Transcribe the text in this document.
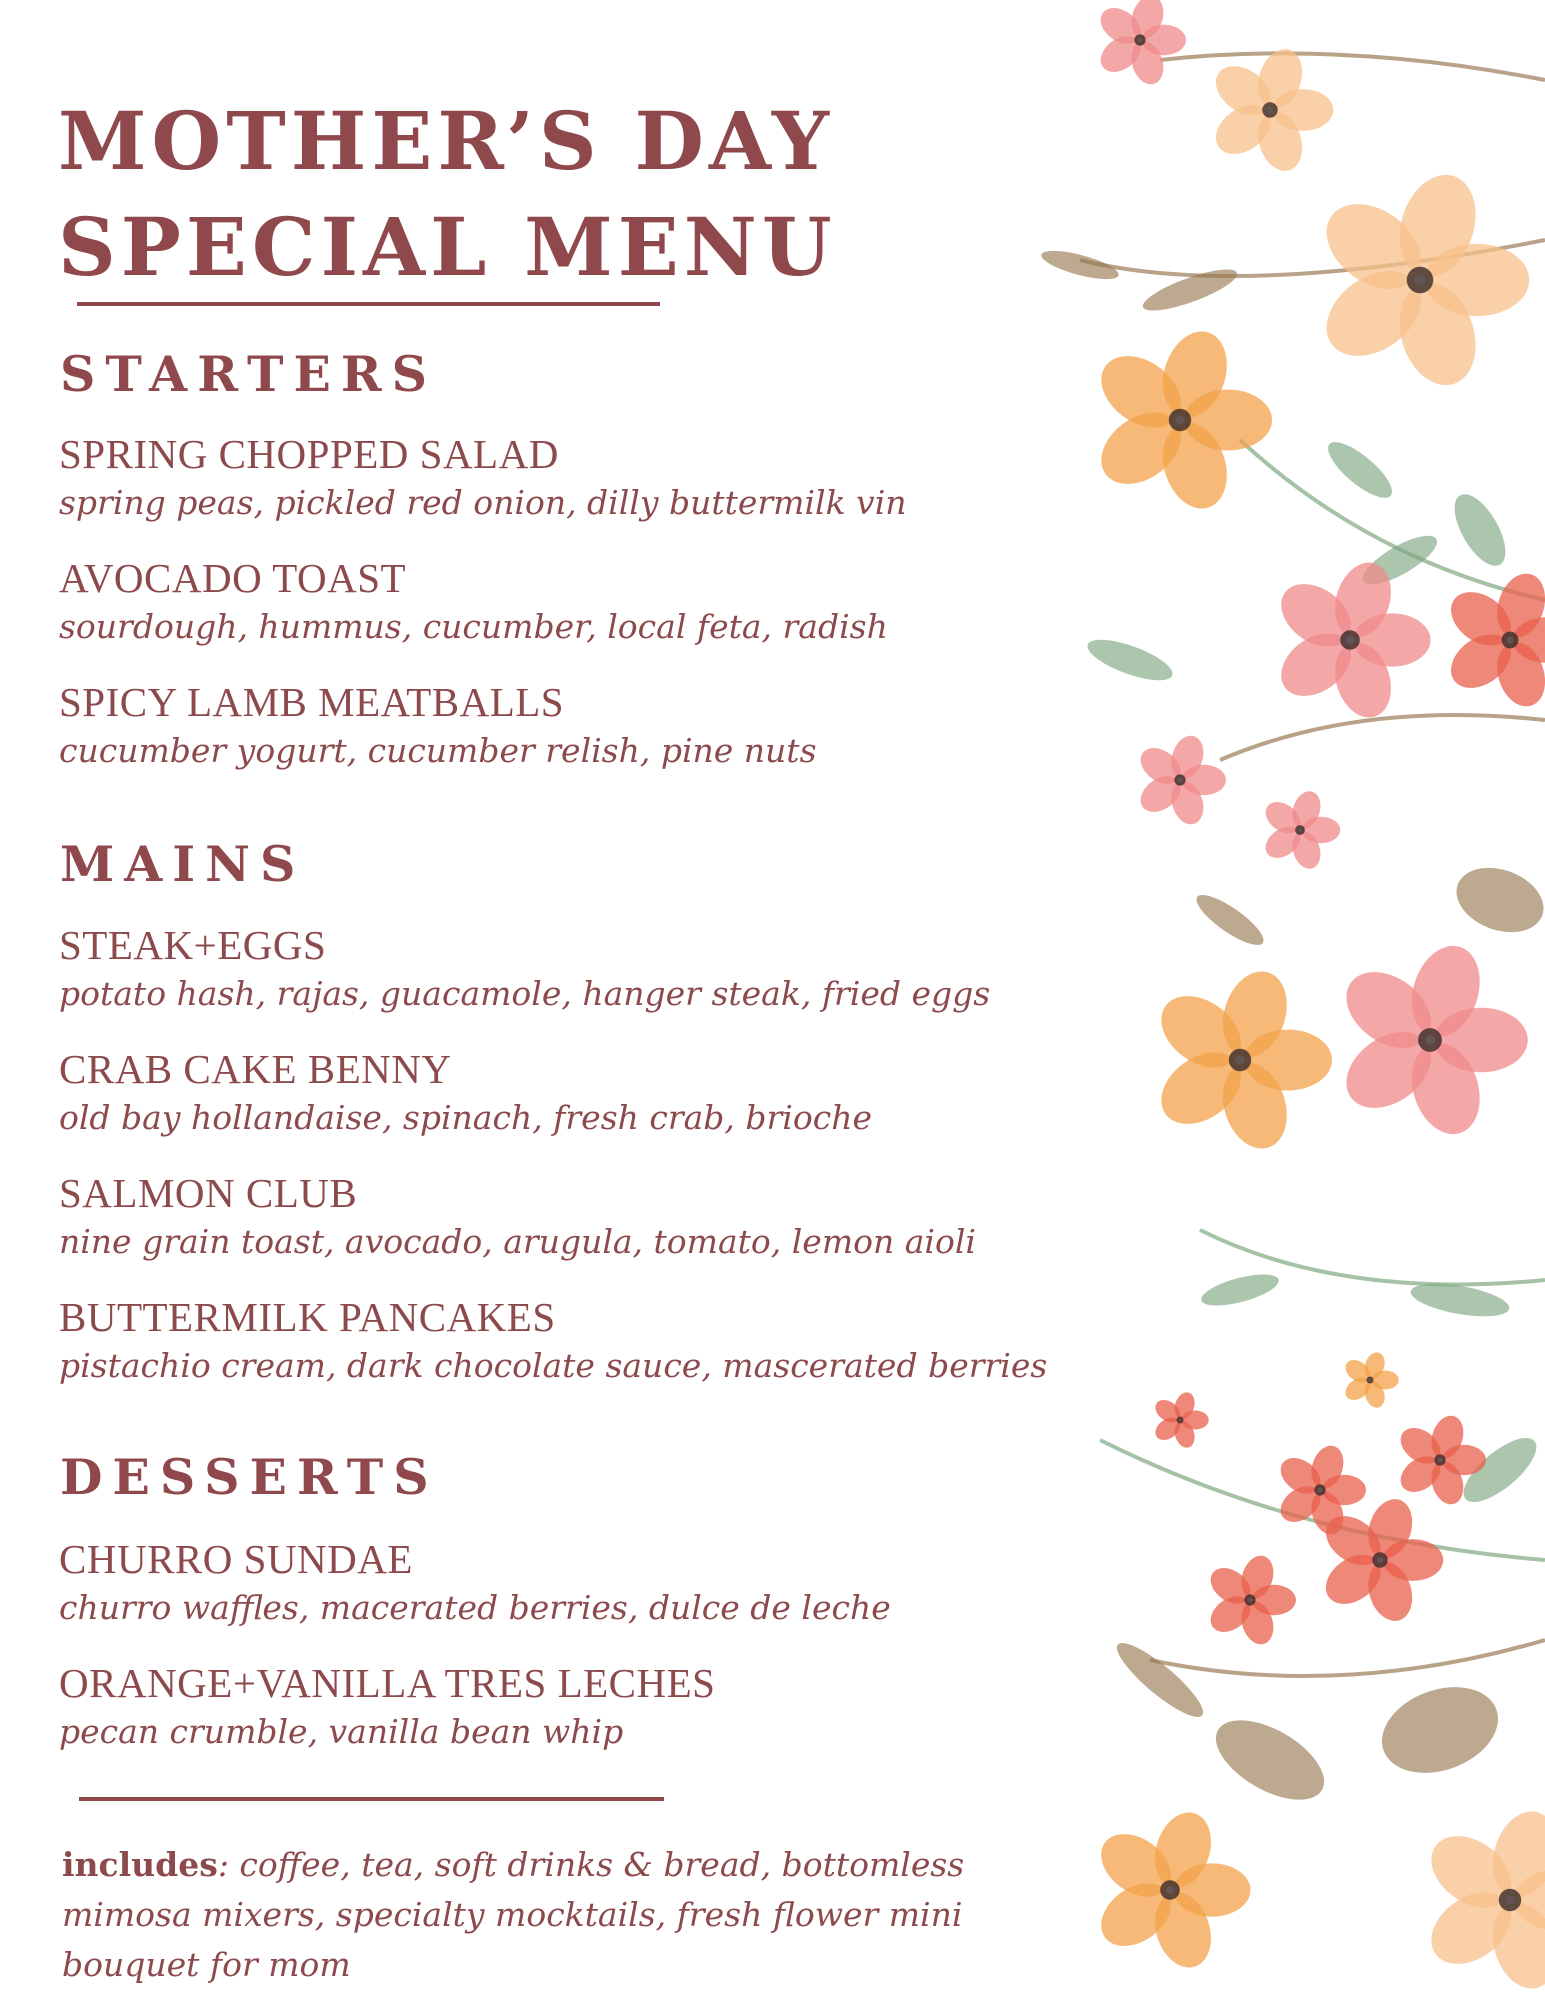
MOTHER’S DAY
SPECIAL MENU
STARTERS
SPRING CHOPPED SALAD
spring peas, pickled red onion, dilly buttermilk vin
AVOCADO TOAST
sourdough, hummus, cucumber, local feta, radish
SPICY LAMB MEATBALLS
cucumber yogurt, cucumber relish, pine nuts
MAINS
STEAK+EGGS
potato hash, rajas, guacamole, hanger steak, fried eggs
CRAB CAKE BENNY
old bay hollandaise, spinach, fresh crab, brioche
SALMON CLUB
nine grain toast, avocado, arugula, tomato, lemon aioli
BUTTERMILK PANCAKES
pistachio cream, dark chocolate sauce, mascerated berries
DESSERTS
CHURRO SUNDAE
churro waffles, macerated berries, dulce de leche
ORANGE+VANILLA TRES LECHES
pecan crumble, vanilla bean whip
includes: coffee, tea, soft drinks & bread, bottomless mimosa mixers, specialty mocktails, fresh flower mini bouquet for mom
